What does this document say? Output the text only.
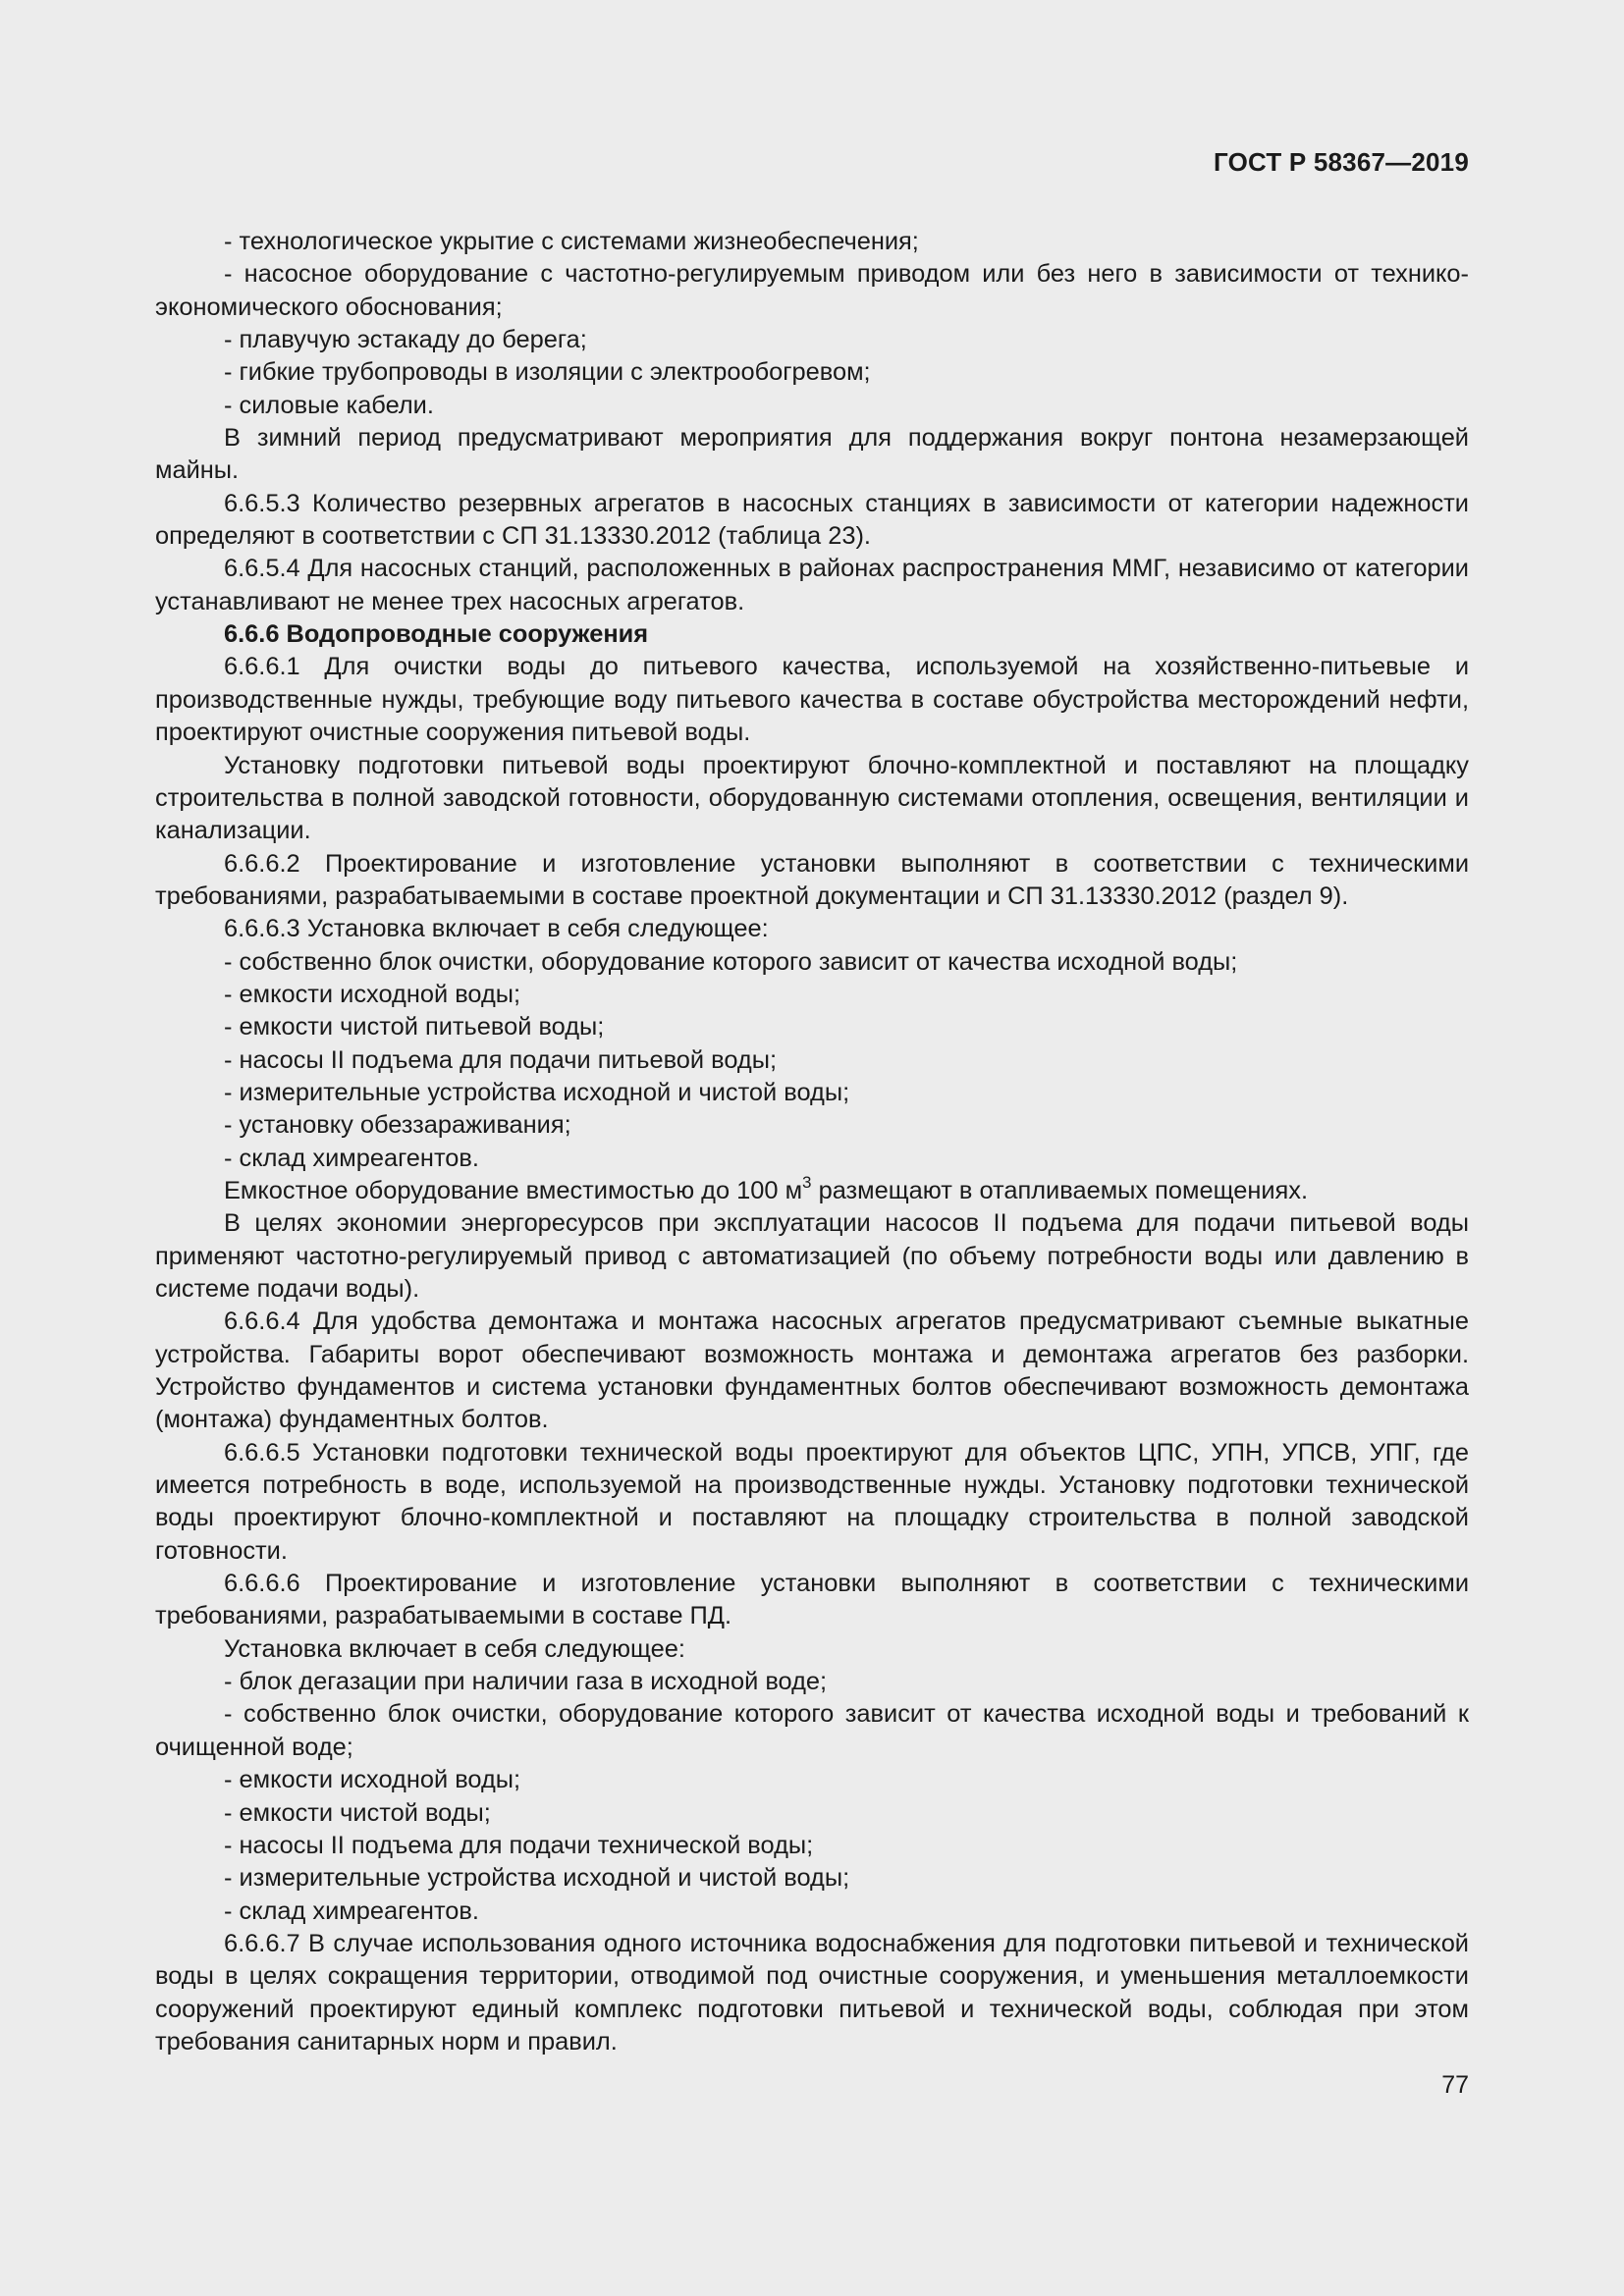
ГОСТ Р 58367—2019

- технологическое укрытие с системами жизнеобеспечения;

- насосное оборудование с частотно-регулируемым приводом или без него в зависимости от технико-экономического обоснования;

- плавучую эстакаду до берега;

- гибкие трубопроводы в изоляции с электрообогревом;

- силовые кабели.

В зимний период предусматривают мероприятия для поддержания вокруг понтона незамерзающей майны.

6.6.5.3 Количество резервных агрегатов в насосных станциях в зависимости от категории надежности определяют в соответствии с СП 31.13330.2012 (таблица 23).

6.6.5.4 Для насосных станций, расположенных в районах распространения ММГ, независимо от категории устанавливают не менее трех насосных агрегатов.

6.6.6 Водопроводные сооружения

6.6.6.1 Для очистки воды до питьевого качества, используемой на хозяйственно-питьевые и производственные нужды, требующие воду питьевого качества в составе обустройства месторождений нефти, проектируют очистные сооружения питьевой воды.

Установку подготовки питьевой воды проектируют блочно-комплектной и поставляют на площадку строительства в полной заводской готовности, оборудованную системами отопления, освещения, вентиляции и канализации.

6.6.6.2 Проектирование и изготовление установки выполняют в соответствии с техническими требованиями, разрабатываемыми в составе проектной документации и СП 31.13330.2012 (раздел 9).

6.6.6.3 Установка включает в себя следующее:

- собственно блок очистки, оборудование которого зависит от качества исходной воды;

- емкости исходной воды;

- емкости чистой питьевой воды;

- насосы II подъема для подачи питьевой воды;

- измерительные устройства исходной и чистой воды;

- установку обеззараживания;

- склад химреагентов.

Емкостное оборудование вместимостью до 100 $м^3$ размещают в отапливаемых помещениях.

В целях экономии энергоресурсов при эксплуатации насосов II подъема для подачи питьевой воды применяют частотно-регулируемый привод с автоматизацией (по объему потребности воды или давлению в системе подачи воды).

6.6.6.4 Для удобства демонтажа и монтажа насосных агрегатов предусматривают съемные выкатные устройства. Габариты ворот обеспечивают возможность монтажа и демонтажа агрегатов без разборки. Устройство фундаментов и система установки фундаментных болтов обеспечивают возможность демонтажа (монтажа) фундаментных болтов.

6.6.6.5 Установки подготовки технической воды проектируют для объектов ЦПС, УПН, УПСВ, УПГ, где имеется потребность в воде, используемой на производственные нужды. Установку подготовки технической воды проектируют блочно-комплектной и поставляют на площадку строительства в полной заводской готовности.

6.6.6.6 Проектирование и изготовление установки выполняют в соответствии с техническими требованиями, разрабатываемыми в составе ПД.

Установка включает в себя следующее:

- блок дегазации при наличии газа в исходной воде;

- собственно блок очистки, оборудование которого зависит от качества исходной воды и требований к очищенной воде;

- емкости исходной воды;

- емкости чистой воды;

- насосы II подъема для подачи технической воды;

- измерительные устройства исходной и чистой воды;

- склад химреагентов.

6.6.6.7 В случае использования одного источника водоснабжения для подготовки питьевой и технической воды в целях сокращения территории, отводимой под очистные сооружения, и уменьшения металлоемкости сооружений проектируют единый комплекс подготовки питьевой и технической воды, соблюдая при этом требования санитарных норм и правил.

77
